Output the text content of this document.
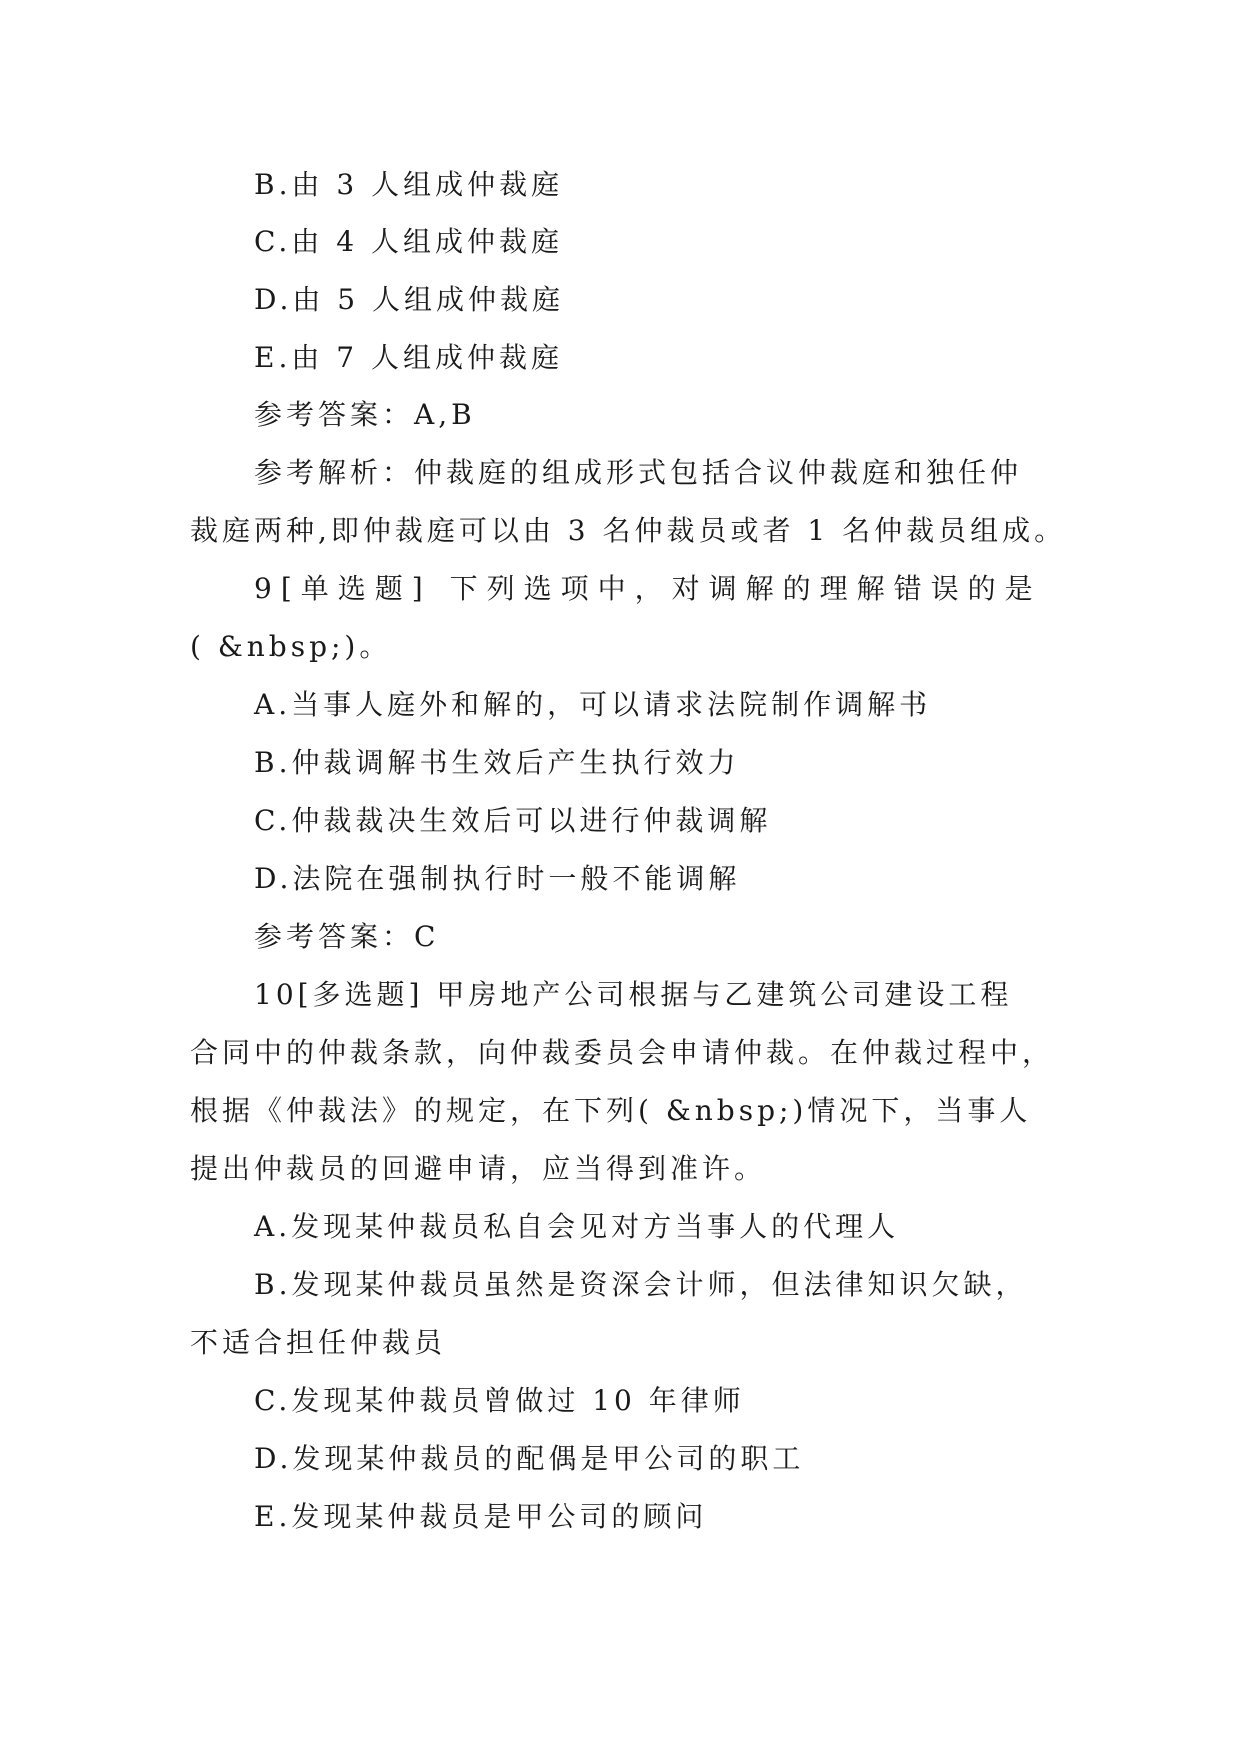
B.由 3 人组成仲裁庭
C.由 4 人组成仲裁庭
D.由 5 人组成仲裁庭
E.由 7 人组成仲裁庭
参考答案：A,B
参考解析：仲裁庭的组成形式包括合议仲裁庭和独任仲
裁庭两种,即仲裁庭可以由 3 名仲裁员或者 1 名仲裁员组成。
9[单选题] 下列选项中，对调解的理解错误的是
( &nbsp;)。
A.当事人庭外和解的，可以请求法院制作调解书
B.仲裁调解书生效后产生执行效力
C.仲裁裁决生效后可以进行仲裁调解
D.法院在强制执行时一般不能调解
参考答案：C
10[多选题] 甲房地产公司根据与乙建筑公司建设工程
合同中的仲裁条款，向仲裁委员会申请仲裁。在仲裁过程中，
根据《仲裁法》的规定，在下列( &nbsp;)情况下，当事人
提出仲裁员的回避申请，应当得到准许。
A.发现某仲裁员私自会见对方当事人的代理人
B.发现某仲裁员虽然是资深会计师，但法律知识欠缺，
不适合担任仲裁员
C.发现某仲裁员曾做过 10 年律师
D.发现某仲裁员的配偶是甲公司的职工
E.发现某仲裁员是甲公司的顾问
